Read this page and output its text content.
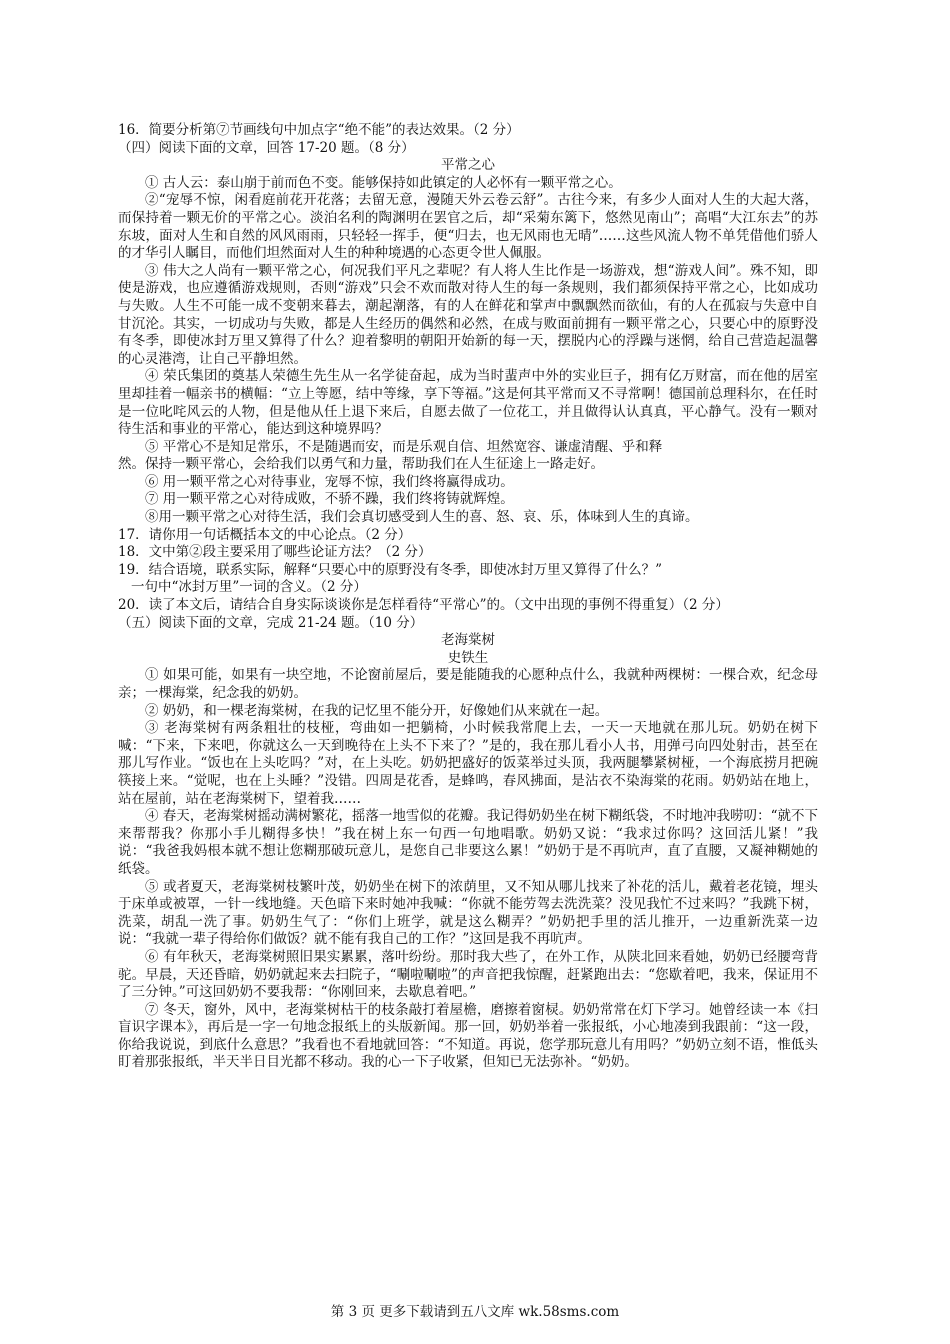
16．简要分析第⑦节画线句中加点字“绝不能”的表达效果。（2 分）

（四）阅读下面的文章，回答 17-20 题。（8 分）

平常之心

① 古人云：泰山崩于前而色不变。能够保持如此镇定的人必怀有一颗平常之心。

②“宠辱不惊，闲看庭前花开花落；去留无意，漫随天外云卷云舒”。古往今来，有多少人面对人生的大起大落，而保持着一颗无价的平常之心。淡泊名利的陶渊明在罢官之后，却“采菊东篱下，悠然见南山”；高唱“大江东去”的苏东坡，面对人生和自然的风风雨雨，只轻轻一挥手，便“归去，也无风雨也无晴”……这些风流人物不单凭借他们骄人的才华引人瞩目，而他们坦然面对人生的种种境遇的心态更令世人佩服。

③ 伟大之人尚有一颗平常之心，何况我们平凡之辈呢？有人将人生比作是一场游戏，想“游戏人间”。殊不知，即使是游戏，也应遵循游戏规则，否则“游戏”只会不欢而散对待人生的每一条规则，我们都须保持平常之心，比如成功与失败。人生不可能一成不变朝来暮去，潮起潮落，有的人在鲜花和掌声中飘飘然而欲仙，有的人在孤寂与失意中自甘沉沦。其实，一切成功与失败，都是人生经历的偶然和必然，在成与败面前拥有一颗平常之心，只要心中的原野没有冬季，即使冰封万里又算得了什么？迎着黎明的朝阳开始新的每一天，摆脱内心的浮躁与迷惘，给自己营造起温馨的心灵港湾，让自己平静坦然。

④ 荣氏集团的奠基人荣德生先生从一名学徒奋起，成为当时蜚声中外的实业巨子，拥有亿万财富，而在他的居室里却挂着一幅亲书的横幅：“立上等愿，结中等缘，享下等福。”这是何其平常而又不寻常啊！德国前总理科尔，在任时是一位叱咤风云的人物，但是他从任上退下来后，自愿去做了一位花工，并且做得认认真真，平心静气。没有一颗对待生活和事业的平常心，能达到这种境界吗？

⑤ 平常心不是知足常乐，不是随遇而安，而是乐观自信、坦然宽容、谦虚清醒、乎和释

然。保持一颗平常心，会给我们以勇气和力量，帮助我们在人生征途上一路走好。

⑥ 用一颗平常之心对待事业，宠辱不惊，我们终将赢得成功。

⑦ 用一颗平常之心对待成败，不骄不躁，我们终将铸就辉煌。

⑧用一颗平常之心对待生活，我们会真切感受到人生的喜、怒、哀、乐，体味到人生的真谛。

17．请你用一句话概括本文的中心论点。（2 分）

18．文中第②段主要采用了哪些论证方法？（2 分）

19．结合语境，联系实际，解释“只要心中的原野没有冬季，即使冰封万里又算得了什么？”

一句中“冰封万里”一词的含义。（2 分）

20．读了本文后，请结合自身实际谈谈你是怎样看待“平常心”的。（文中出现的事例不得重复）（2 分）

（五）阅读下面的文章，完成 21-24 题。（10 分）

老海棠树

史铁生

① 如果可能，如果有一块空地，不论窗前屋后，要是能随我的心愿种点什么，我就种两棵树：一棵合欢，纪念母亲；一棵海棠，纪念我的奶奶。

② 奶奶，和一棵老海棠树，在我的记忆里不能分开，好像她们从来就在一起。

③ 老海棠树有两条粗壮的枝桠，弯曲如一把躺椅，小时候我常爬上去，一天一天地就在那儿玩。奶奶在树下喊：“下来，下来吧，你就这么一天到晚待在上头不下来了？”是的，我在那儿看小人书，用弹弓向四处射击，甚至在那儿写作业。“饭也在上头吃吗？”对，在上头吃。奶奶把盛好的饭菜举过头顶，我两腿攀紧树桠，一个海底捞月把碗筷接上来。“觉呢，也在上头睡？”没错。四周是花香，是蜂鸣，春风拂面，是沾衣不染海棠的花雨。奶奶站在地上，站在屋前，站在老海棠树下，望着我……

④ 春天，老海棠树摇动满树繁花，摇落一地雪似的花瓣。我记得奶奶坐在树下糊纸袋，不时地冲我唠叨：“就不下来帮帮我？你那小手儿糊得多快！”我在树上东一句西一句地唱歌。奶奶又说：“我求过你吗？这回活儿紧！”我说：“我爸我妈根本就不想让您糊那破玩意儿，是您自己非要这么累！”奶奶于是不再吭声，直了直腰，又凝神糊她的纸袋。

⑤ 或者夏天，老海棠树枝繁叶茂，奶奶坐在树下的浓荫里，又不知从哪儿找来了补花的活儿，戴着老花镜，埋头于床单或被罩，一针一线地缝。天色暗下来时她冲我喊：“你就不能劳驾去洗洗菜？没见我忙不过来吗？”我跳下树，洗菜，胡乱一洗了事。奶奶生气了：“你们上班学，就是这么糊弄？”奶奶把手里的活儿推开，一边重新洗菜一边说：“我就一辈子得给你们做饭？就不能有我自己的工作？”这回是我不再吭声。

⑥ 有年秋天，老海棠树照旧果实累累，落叶纷纷。那时我大些了，在外工作，从陕北回来看她，奶奶已经腰弯背驼。早晨，天还昏暗，奶奶就起来去扫院子，“唰啦唰啦”的声音把我惊醒，赶紧跑出去：“您歇着吧，我来，保证用不了三分钟。”可这回奶奶不要我帮：“你刚回来，去歇息着吧。”

⑦ 冬天，窗外，风中，老海棠树枯干的枝条敲打着屋檐，磨擦着窗棂。奶奶常常在灯下学习。她曾经读一本《扫盲识字课本》，再后是一字一句地念报纸上的头版新闻。那一回，奶奶举着一张报纸，小心地凑到我跟前：“这一段，你给我说说，到底什么意思？”我看也不看地就回答：“不知道。再说，您学那玩意儿有用吗？”奶奶立刻不语，惟低头盯着那张报纸，半天半日目光都不移动。我的心一下子收紧，但知已无法弥补。“奶奶。

第 3 页 更多下载请到五八文库 wk.58sms.com
